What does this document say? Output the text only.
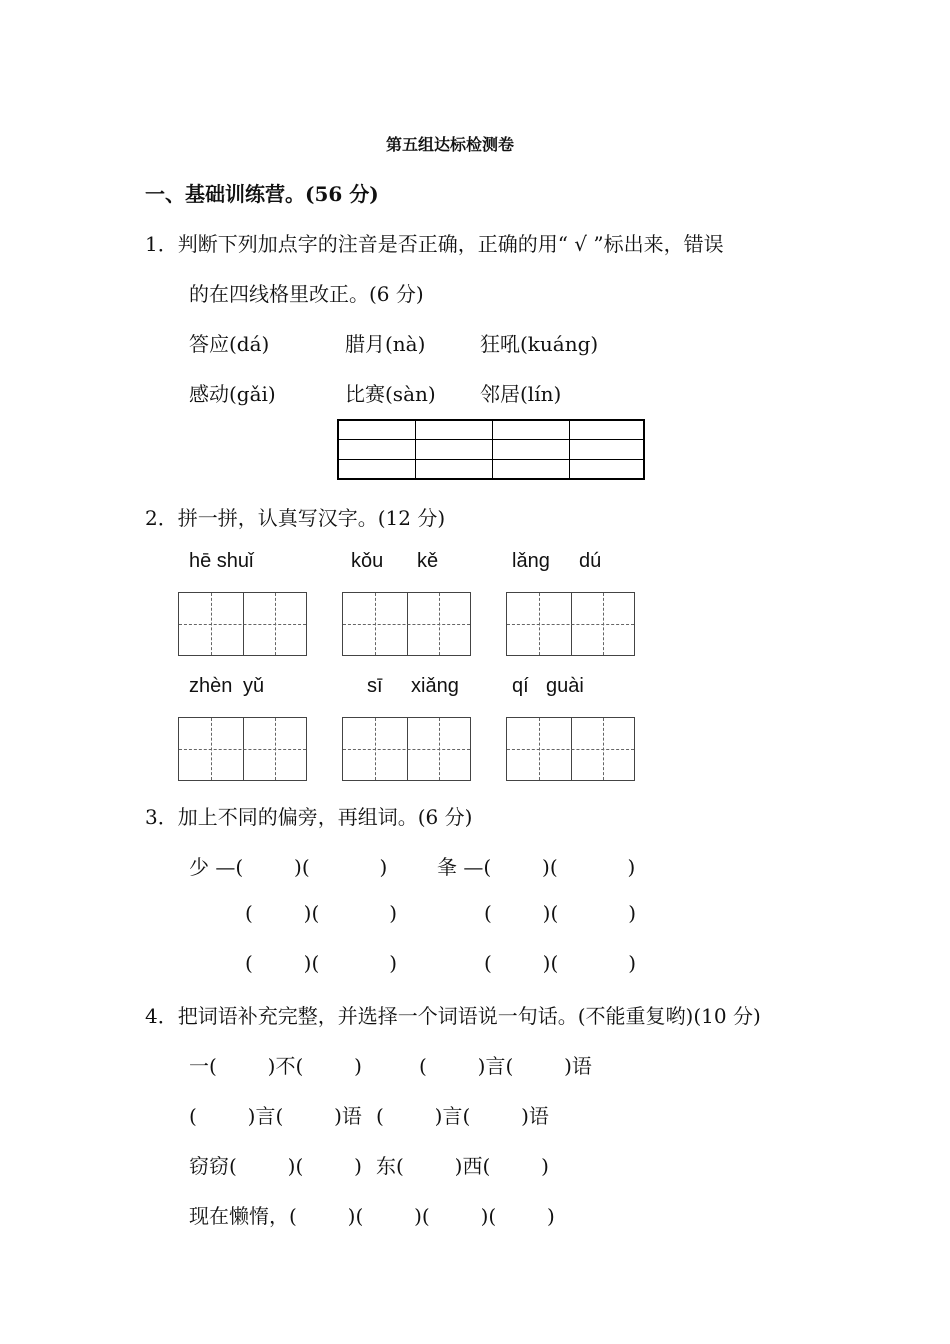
第五组达标检测卷
一、基础训练营。(56 分)
1．判断下列加点字的注音是否正确，正确的用“ √ ”标出来，错误
的在四线格里改正。(6 分)
答应(dá)	腊月(nà)	狂吼(kuáng)
感动(gǎi)	比赛(sàn) 邻居(lín)
2．拼一拼，认真写汉字。(12 分)
hē shuǐ	kǒu kě	lǎng dú
zhèn yǔ	sī xiǎng	qí guài
3．加上不同的偏旁，再组词。(6 分)
少 —(        )(           ) 夆 —(        )(           )
(        )(           )	(        )(           )
(        )(           )	(        )(           )
4．把词语补充完整，并选择一个词语说一句话。(不能重复哟)(10 分)
一(        )不(        )	(        )言(        )语
(        )言(        )语 (        )言(        )语
窃窃(        )(        ) 东(        )西(        )
现在懒惰，(        )(        )(        )(        )
